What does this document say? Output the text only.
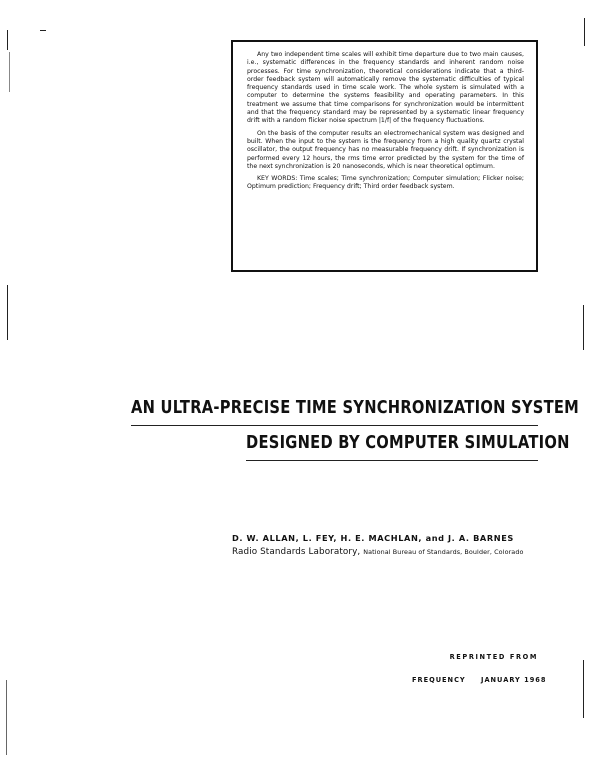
Any two independent time scales will exhibit time departure due to two main causes, i.e., systematic differences in the frequency standards and inherent random noise processes. For time synchronization, theoretical considerations indicate that a third-order feedback system will automatically remove the systematic difficulties of typical frequency standards used in time scale work. The whole system is simulated with a computer to determine the systems feasibility and operating parameters. In this treatment we assume that time comparisons for synchronization would be intermittent and that the frequency standard may be represented by a systematic linear frequency drift with a random flicker noise spectrum |1/f| of the frequency fluctuations.

On the basis of the computer results an electromechanical system was designed and built. When the input to the system is the frequency from a high quality quartz crystal oscillator, the output frequency has no measurable frequency drift. If synchronization is performed every 12 hours, the rms time error predicted by the system for the time of the next synchronization is 20 nanoseconds, which is near theoretical optimum.

KEY WORDS: Time scales; Time synchronization; Computer simulation; Flicker noise; Optimum prediction; Frequency drift; Third order feedback system.

AN ULTRA-PRECISE TIME SYNCHRONIZATION SYSTEM
DESIGNED BY COMPUTER SIMULATION
D. W. ALLAN, L. FEY, H. E. MACHLAN, and J. A. BARNES
Radio Standards Laboratory, National Bureau of Standards, Boulder, Colorado
REPRINTED FROM
FREQUENCY JANUARY 1968
